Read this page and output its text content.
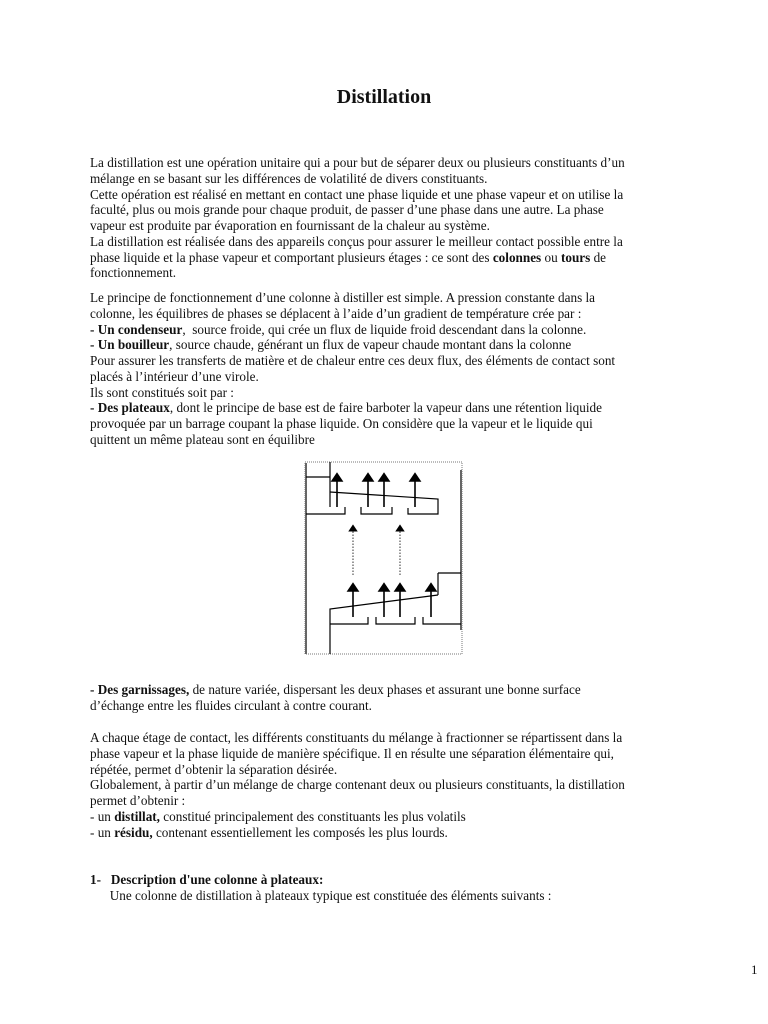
Distillation
La distillation est une opération unitaire qui a pour but de séparer deux ou plusieurs constituants d’un
mélange en se basant sur les différences de volatilité de divers constituants.
Cette opération est réalisé en mettant en contact une phase liquide et une phase vapeur et on utilise la
faculté, plus ou mois grande pour chaque produit, de passer d’une phase dans une autre. La phase
vapeur est produite par évaporation en fournissant de la chaleur au système.
La distillation est réalisée dans des appareils conçus pour assurer le meilleur contact possible entre la
phase liquide et la phase vapeur et comportant plusieurs étages : ce sont des colonnes ou tours de
fonctionnement.
Le principe de fonctionnement d’une colonne à distiller est simple. A pression constante dans la
colonne, les équilibres de phases se déplacent à l’aide d’un gradient de température crée par :
- Un condenseur,  source froide, qui crée un flux de liquide froid descendant dans la colonne.
- Un bouilleur, source chaude, générant un flux de vapeur chaude montant dans la colonne
Pour assurer les transferts de matière et de chaleur entre ces deux flux, des éléments de contact sont
placés à l’intérieur d’une virole.
Ils sont constitués soit par :
- Des plateaux, dont le principe de base est de faire barboter la vapeur dans une rétention liquide
provoquée par un barrage coupant la phase liquide. On considère que la vapeur et le liquide qui
quittent un même plateau sont en équilibre
- Des garnissages, de nature variée, dispersant les deux phases et assurant une bonne surface
d’échange entre les fluides circulant à contre courant.
A chaque étage de contact, les différents constituants du mélange à fractionner se répartissent dans la
phase vapeur et la phase liquide de manière spécifique. Il en résulte une séparation élémentaire qui,
répétée, permet d’obtenir la séparation désirée.
Globalement, à partir d’un mélange de charge contenant deux ou plusieurs constituants, la distillation
permet d’obtenir :
- un distillat, constitué principalement des constituants les plus volatils
- un résidu, contenant essentiellement les composés les plus lourds.
1-   Description d'une colonne à plateaux:
Une colonne de distillation à plateaux typique est constituée des éléments suivants :
1
